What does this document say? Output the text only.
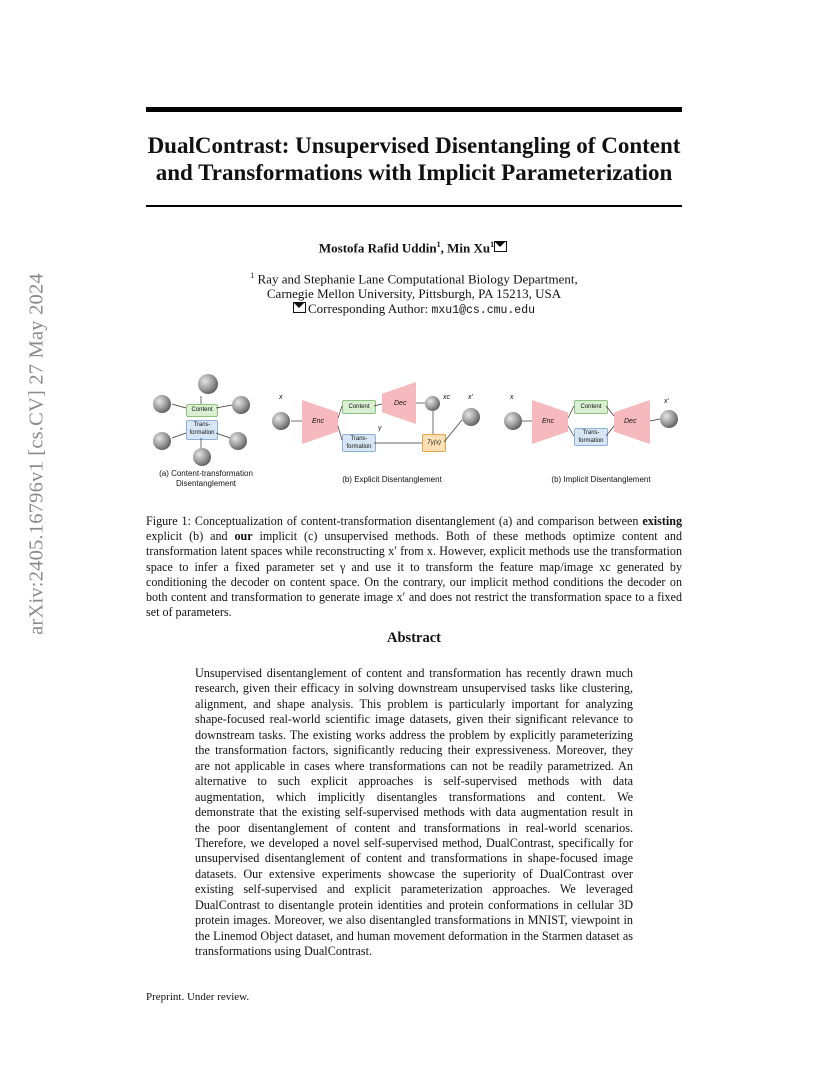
arXiv:2405.16796v1 [cs.CV] 27 May 2024
DualContrast: Unsupervised Disentangling of Content and Transformations with Implicit Parameterization
Mostofa Rafid Uddin$^1$, Min Xu$^1$
$^1$ Ray and Stephanie Lane Computational Biology Department,
Carnegie Mellon University, Pittsburgh, PA 15213, USA
Corresponding Author: mxu1@cs.cmu.edu
Content
Trans-
formation
(a) Content-transformation
Disentanglement
x
Enc
Content
Trans-
formation
γ
Dec
xc
Tγ(x)
x'
(b) Explicit Disentanglement
x
Enc
Content
Trans-
formation
Dec
x'
(b) Implicit Disentanglement
Figure 1: Conceptualization of content-transformation disentanglement (a) and comparison between existing explicit (b) and our implicit (c) unsupervised methods. Both of these methods optimize content and transformation latent spaces while reconstructing x′ from x. However, explicit methods use the transformation space to infer a fixed parameter set γ and use it to transform the feature map/image xc generated by conditioning the decoder on content space. On the contrary, our implicit method conditions the decoder on both content and transformation to generate image x′ and does not restrict the transformation space to a fixed set of parameters.
Abstract
Unsupervised disentanglement of content and transformation has recently drawn much research, given their efficacy in solving downstream unsupervised tasks like clustering, alignment, and shape analysis. This problem is particularly important for analyzing shape-focused real-world scientific image datasets, given their significant relevance to downstream tasks. The existing works address the problem by explicitly parameterizing the transformation factors, significantly reducing their expressiveness. Moreover, they are not applicable in cases where transformations can not be readily parametrized. An alternative to such explicit approaches is self-supervised methods with data augmentation, which implicitly disentangles transformations and content. We demonstrate that the existing self-supervised methods with data augmentation result in the poor disentanglement of content and transformations in real-world scenarios. Therefore, we developed a novel self-supervised method, DualContrast, specifically for unsupervised disentanglement of content and transformations in shape-focused image datasets. Our extensive experiments showcase the superiority of DualContrast over existing self-supervised and explicit parameterization approaches. We leveraged DualContrast to disentangle protein identities and protein conformations in cellular 3D protein images. Moreover, we also disentangled transformations in MNIST, viewpoint in the Linemod Object dataset, and human movement deformation in the Starmen dataset as transformations using DualContrast.
Preprint. Under review.
